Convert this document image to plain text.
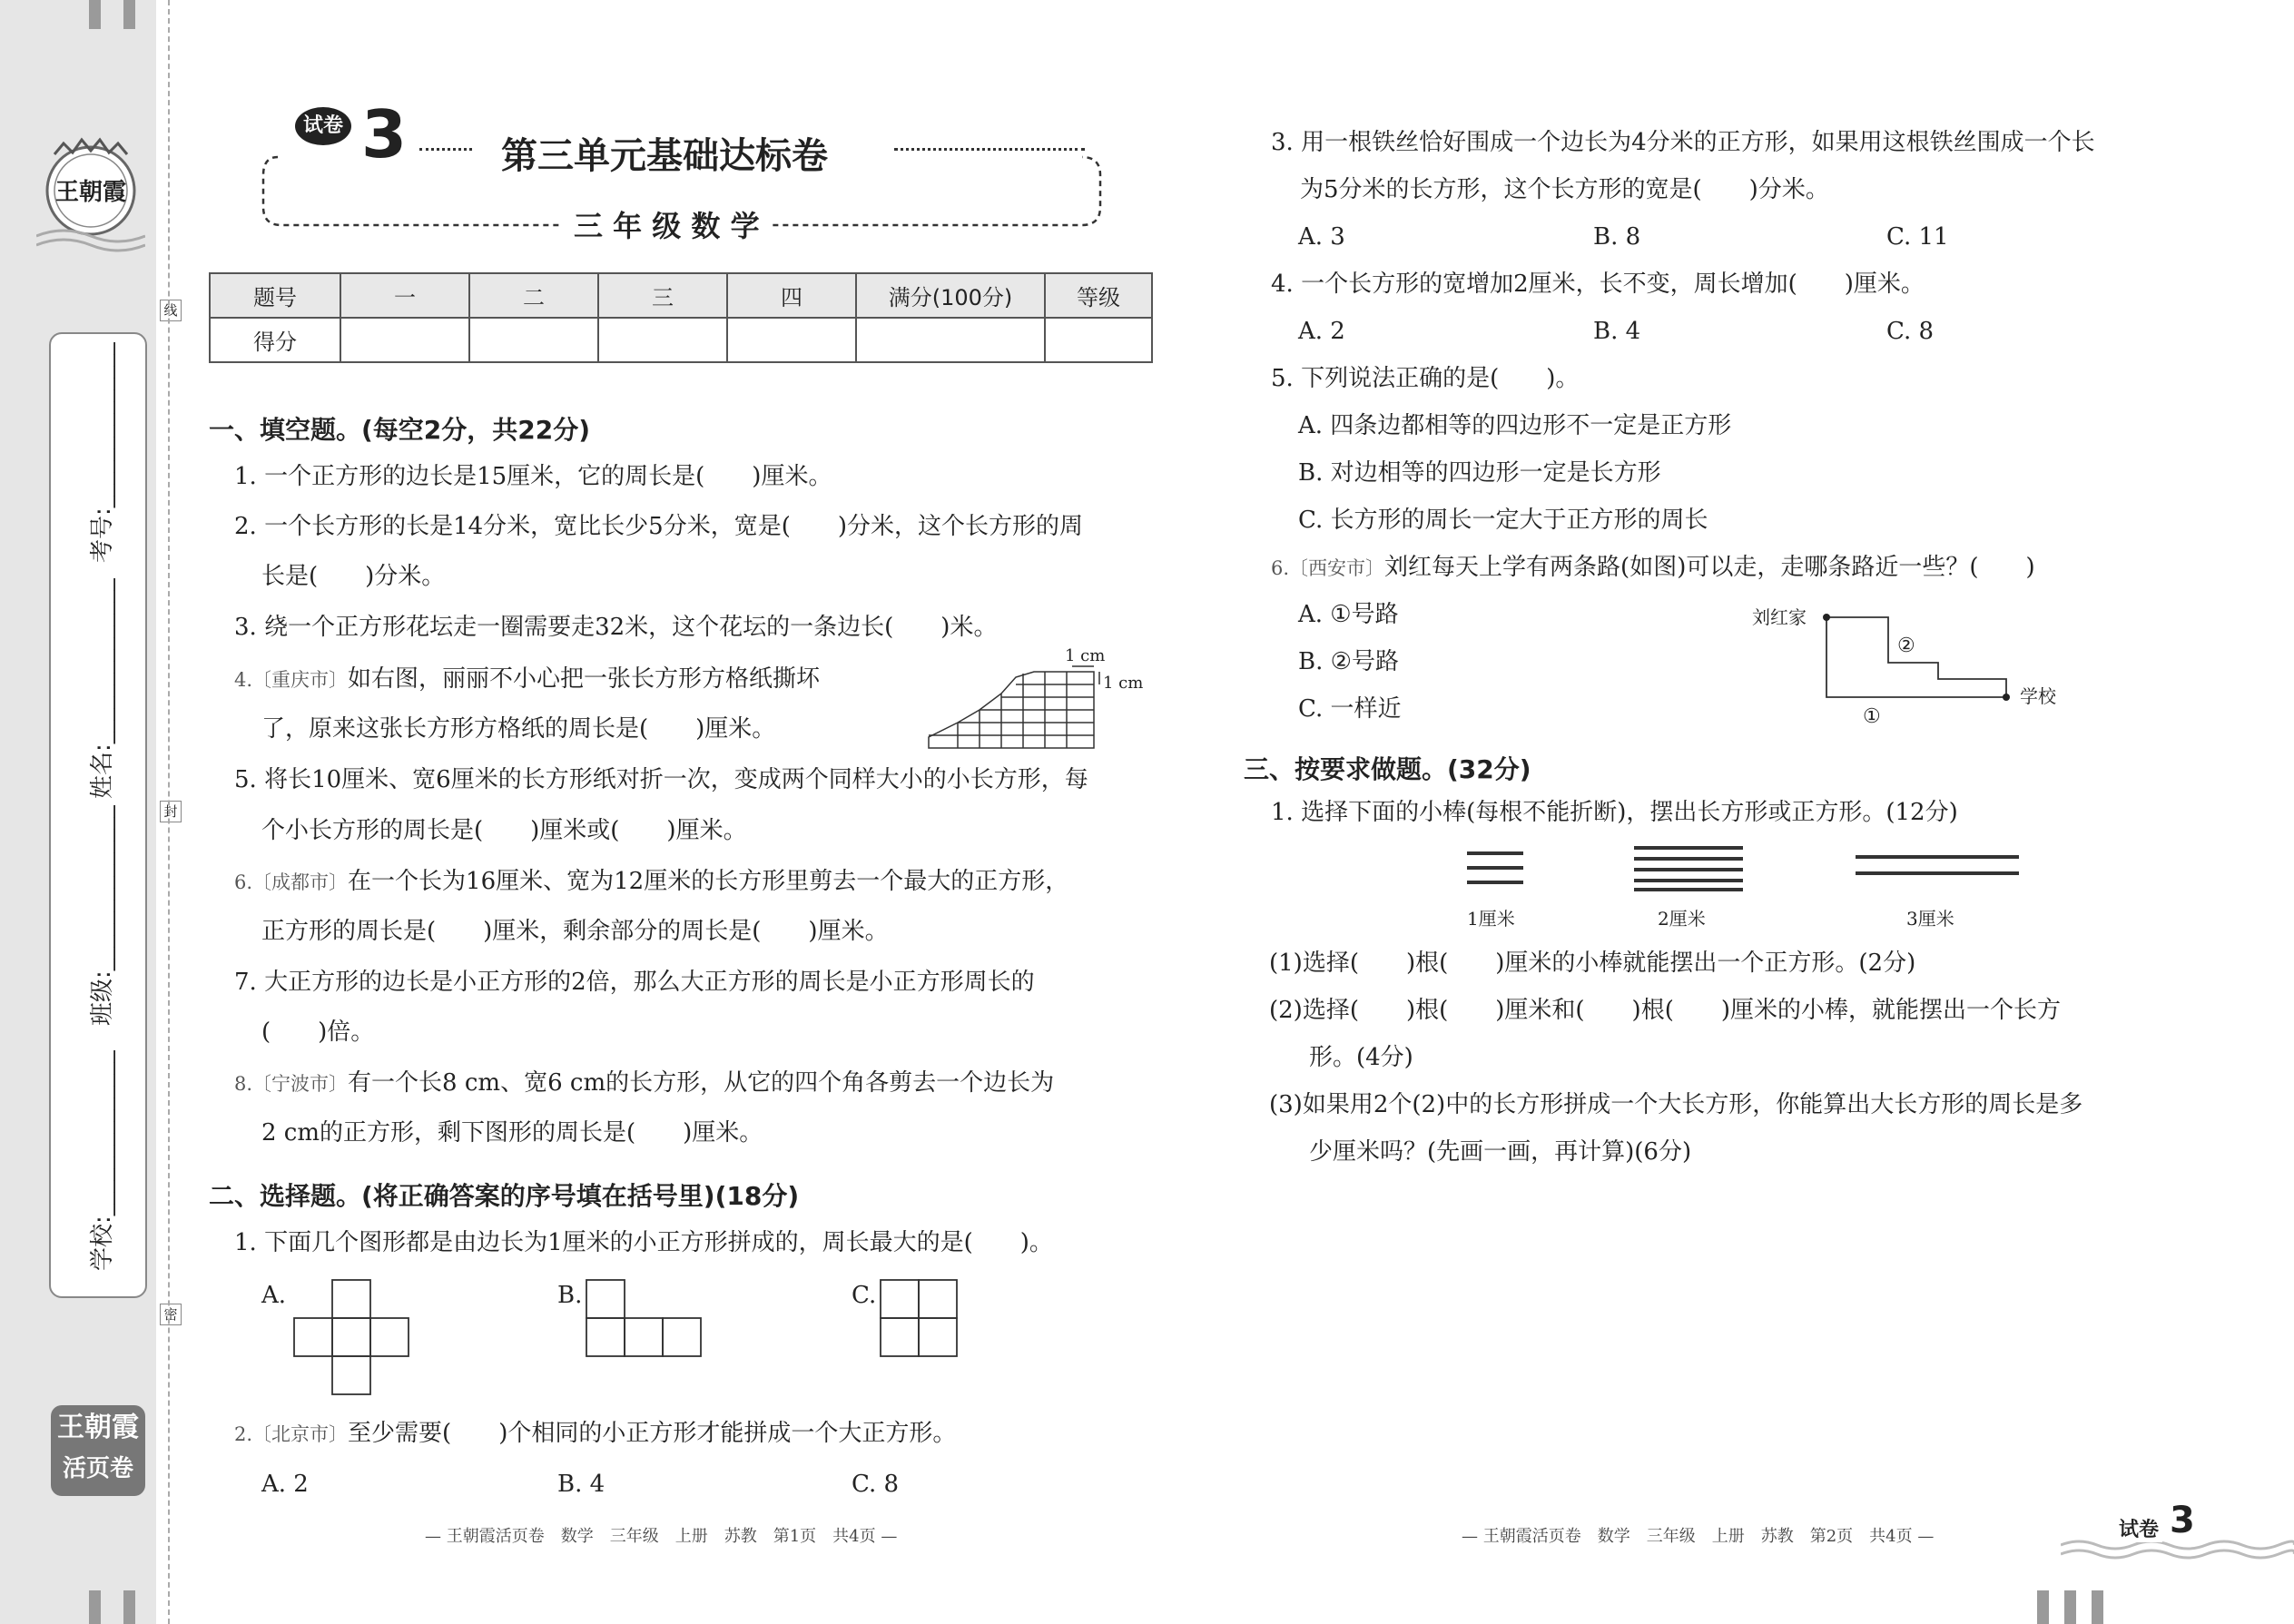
王朝霞
考号:______________
姓名:______________
班级:______________
学校:______________
线
封
密
王朝霞
活页卷
试卷 3	第三单元基础达标卷
三 年 级 数 学
题号	一	二	三	四	满分(100分)	等级
得分						
一、填空题。(每空2分，共22分)
1. 一个正方形的边长是15厘米，它的周长是(　　)厘米。
2. 一个长方形的长是14分米，宽比长少5分米，宽是(　　)分米，这个长方形的周
长是(　　)分米。
3. 绕一个正方形花坛走一圈需要走32米，这个花坛的一条边长(　　)米。
4.〔重庆市〕如右图，丽丽不小心把一张长方形方格纸撕坏
了，原来这张长方形方格纸的周长是(　　)厘米。
1 cm
1 cm
5. 将长10厘米、宽6厘米的长方形纸对折一次，变成两个同样大小的小长方形，每
个小长方形的周长是(　　)厘米或(　　)厘米。
6.〔成都市〕在一个长为16厘米、宽为12厘米的长方形里剪去一个最大的正方形，
正方形的周长是(　　)厘米，剩余部分的周长是(　　)厘米。
7. 大正方形的边长是小正方形的2倍，那么大正方形的周长是小正方形周长的
(　　)倍。
8.〔宁波市〕有一个长8 cm、宽6 cm的长方形，从它的四个角各剪去一个边长为
2 cm的正方形，剩下图形的周长是(　　)厘米。
二、选择题。(将正确答案的序号填在括号里)(18分)
1. 下面几个图形都是由边长为1厘米的小正方形拼成的，周长最大的是(　　)。
A.	B.	C.
2.〔北京市〕至少需要(　　)个相同的小正方形才能拼成一个大正方形。
A. 2	B. 4	C. 8
— 王朝霞活页卷　数学　三年级　上册　苏教　第1页　共4页 —
3. 用一根铁丝恰好围成一个边长为4分米的正方形，如果用这根铁丝围成一个长
为5分米的长方形，这个长方形的宽是(　　)分米。
A. 3	B. 8	C. 11
4. 一个长方形的宽增加2厘米，长不变，周长增加(　　)厘米。
A. 2	B. 4	C. 8
5. 下列说法正确的是(　　)。
A. 四条边都相等的四边形不一定是正方形
B. 对边相等的四边形一定是长方形
C. 长方形的周长一定大于正方形的周长
6.〔西安市〕刘红每天上学有两条路(如图)可以走，走哪条路近一些？(　　)
A. ①号路
B. ②号路
C. 一样近
刘红家
②
①
学校
三、按要求做题。(32分)
1. 选择下面的小棒(每根不能折断)，摆出长方形或正方形。(12分)
1厘米	2厘米	3厘米
(1)选择(　　)根(　　)厘米的小棒就能摆出一个正方形。(2分)
(2)选择(　　)根(　　)厘米和(　　)根(　　)厘米的小棒，就能摆出一个长方
形。(4分)
(3)如果用2个(2)中的长方形拼成一个大长方形，你能算出大长方形的周长是多
少厘米吗？(先画一画，再计算)(6分)
— 王朝霞活页卷　数学　三年级　上册　苏教　第2页　共4页 —	试卷 3
